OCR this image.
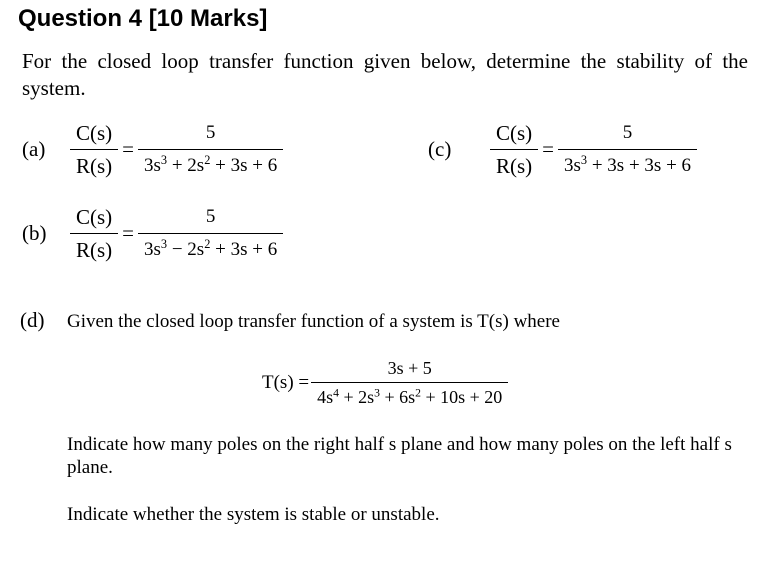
Question 4 [10 Marks]
For the closed loop transfer function given below, determine the stability of the system.
(a)	$\frac{C(s)}{R(s)} = \frac{5}{3s^3 + 2s^2 + 3s + 6}$
(b)	$\frac{C(s)}{R(s)} = \frac{5}{3s^3 - 2s^2 + 3s + 6}$
(c)	$\frac{C(s)}{R(s)} = \frac{5}{3s^3 + 3s + 3s + 6}$
(d) Given the closed loop transfer function of a system is T(s) where
$T(s) = \frac{3s + 5}{4s^4 + 2s^3 + 6s^2 + 10s + 20}$
Indicate how many poles on the right half s plane and how many poles on the left half s plane.
Indicate whether the system is stable or unstable.
